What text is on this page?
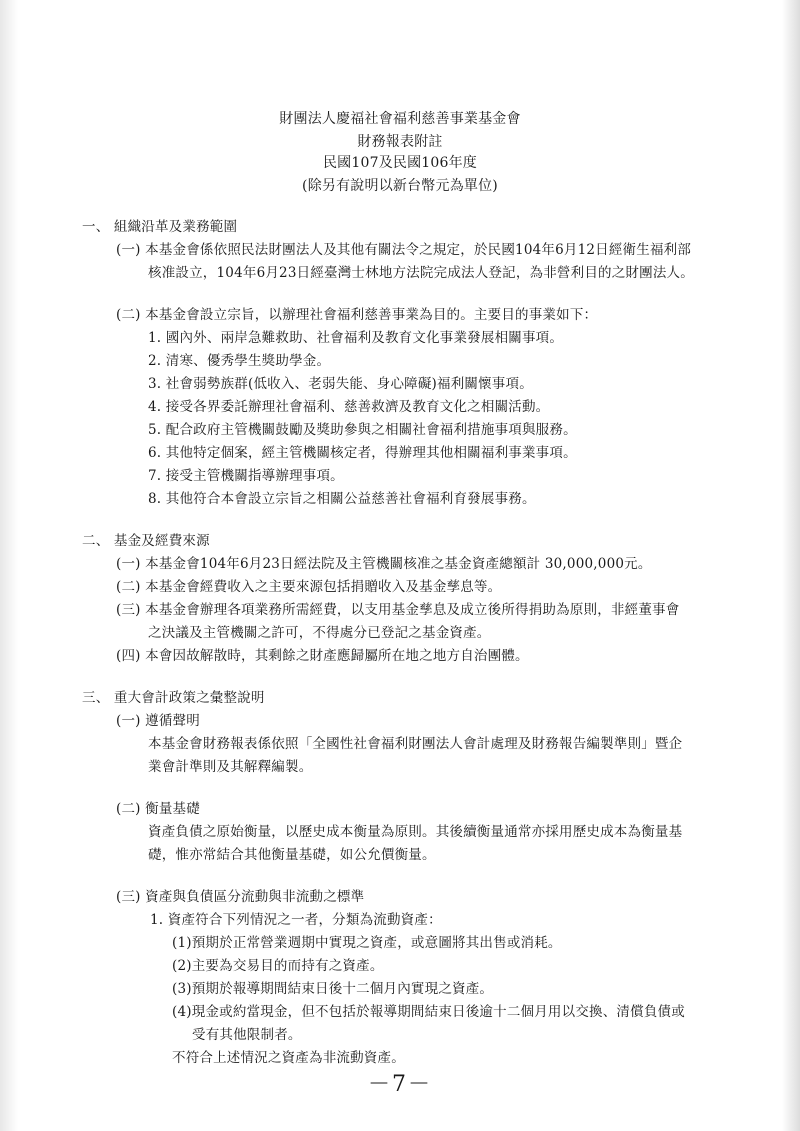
財團法人慶福社會福利慈善事業基金會
財務報表附註
民國107及民國106年度
(除另有說明以新台幣元為單位)
一、 組織沿革及業務範圍
(一) 本基金會係依照民法財團法人及其他有關法令之規定，於民國104年6月12日經衛生福利部
核准設立，104年6月23日經臺灣士林地方法院完成法人登記，為非營利目的之財團法人。
(二) 本基金會設立宗旨，以辦理社會福利慈善事業為目的。主要目的事業如下：
1. 國內外、兩岸急難救助、社會福利及教育文化事業發展相關事項。
2. 清寒、優秀學生獎助學金。
3. 社會弱勢族群(低收入、老弱失能、身心障礙)福利關懷事項。
4. 接受各界委託辦理社會福利、慈善救濟及教育文化之相關活動。
5. 配合政府主管機關鼓勵及獎助參與之相關社會福利措施事項與服務。
6. 其他特定個案，經主管機關核定者，得辦理其他相關福利事業事項。
7. 接受主管機關指導辦理事項。
8. 其他符合本會設立宗旨之相關公益慈善社會福利育發展事務。
二、 基金及經費來源
(一) 本基金會104年6月23日經法院及主管機關核准之基金資產總額計 30,000,000元。
(二) 本基金會經費收入之主要來源包括捐贈收入及基金孳息等。
(三) 本基金會辦理各項業務所需經費，以支用基金孳息及成立後所得捐助為原則，非經董事會
之決議及主管機關之許可，不得處分已登記之基金資產。
(四) 本會因故解散時，其剩餘之財產應歸屬所在地之地方自治團體。
三、 重大會計政策之彙整說明
(一) 遵循聲明
本基金會財務報表係依照「全國性社會福利財團法人會計處理及財務報告編製準則」暨企
業會計準則及其解釋編製。
(二) 衡量基礎
資產負債之原始衡量，以歷史成本衡量為原則。其後續衡量通常亦採用歷史成本為衡量基
礎，惟亦常結合其他衡量基礎，如公允價衡量。
(三) 資產與負債區分流動與非流動之標準
1. 資產符合下列情況之一者，分類為流動資產：
(1)預期於正常營業週期中實現之資產，或意圖將其出售或消耗。
(2)主要為交易目的而持有之資產。
(3)預期於報導期間結束日後十二個月內實現之資產。
(4)現金或約當現金，但不包括於報導期間結束日後逾十二個月用以交換、清償負債或
受有其他限制者。
不符合上述情況之資產為非流動資產。
－7－
